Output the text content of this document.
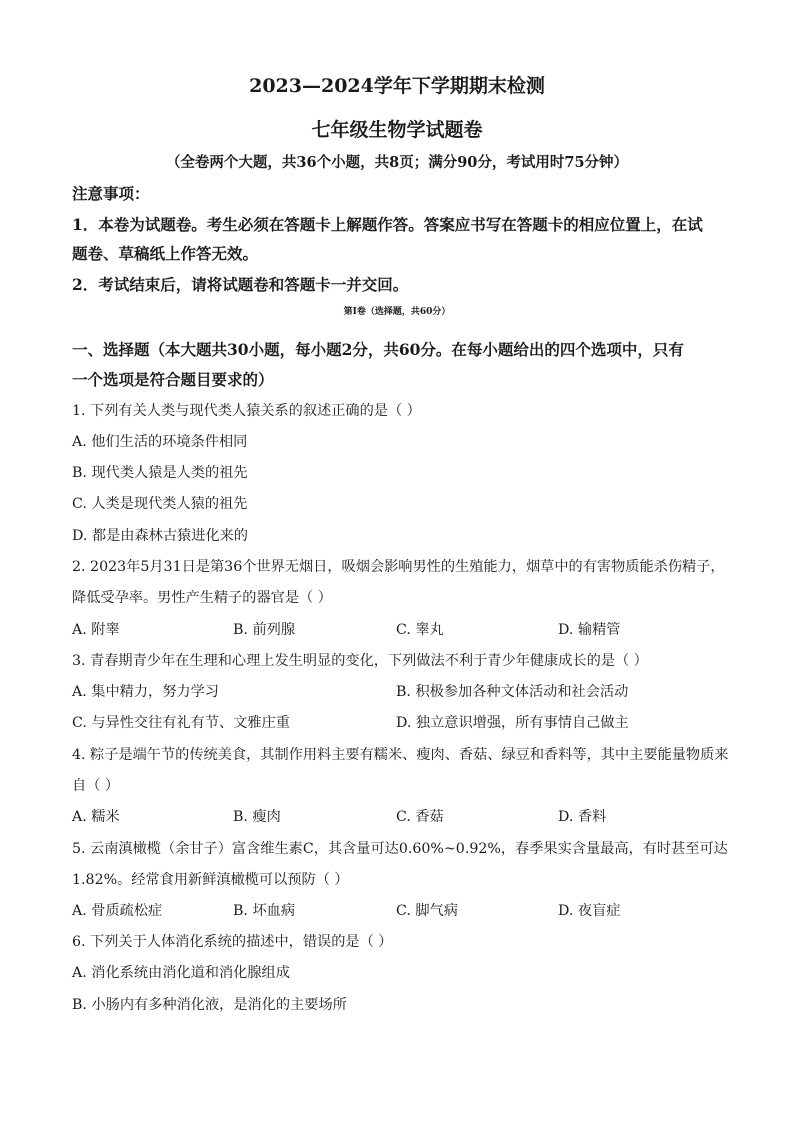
2023—2024学年下学期期末检测
七年级生物学试题卷
（全卷两个大题，共36个小题，共8页；满分90分，考试用时75分钟）
注意事项：
1．本卷为试题卷。考生必须在答题卡上解题作答。答案应书写在答题卡的相应位置上，在试
题卷、草稿纸上作答无效。
2．考试结束后，请将试题卷和答题卡一并交回。
第Ⅰ卷（选择题，共60分）
一、选择题（本大题共30小题，每小题2分，共60分。在每小题给出的四个选项中，只有
一个选项是符合题目要求的）
1. 下列有关人类与现代类人猿关系的叙述正确的是（ ）
A. 他们生活的环境条件相同
B. 现代类人猿是人类的祖先
C. 人类是现代类人猿的祖先
D. 都是由森林古猿进化来的
2. 2023年5月31日是第36个世界无烟日，吸烟会影响男性的生殖能力，烟草中的有害物质能杀伤精子，
降低受孕率。男性产生精子的器官是（ ）
A. 附睾	B. 前列腺	C. 睾丸	D. 输精管
3. 青春期青少年在生理和心理上发生明显的变化，下列做法不利于青少年健康成长的是（ ）
A. 集中精力，努力学习	B. 积极参加各种文体活动和社会活动
C. 与异性交往有礼有节、文雅庄重	D. 独立意识增强，所有事情自己做主
4. 粽子是端午节的传统美食，其制作用料主要有糯米、瘦肉、香菇、绿豆和香料等，其中主要能量物质来
自（ ）
A. 糯米	B. 瘦肉	C. 香菇	D. 香料
5. 云南滇橄榄（余甘子）富含维生素C，其含量可达0.60%~0.92%，春季果实含量最高，有时甚至可达
1.82%。经常食用新鲜滇橄榄可以预防（ ）
A. 骨质疏松症	B. 坏血病	C. 脚气病	D. 夜盲症
6. 下列关于人体消化系统的描述中，错误的是（ ）
A. 消化系统由消化道和消化腺组成
B. 小肠内有多种消化液，是消化的主要场所
